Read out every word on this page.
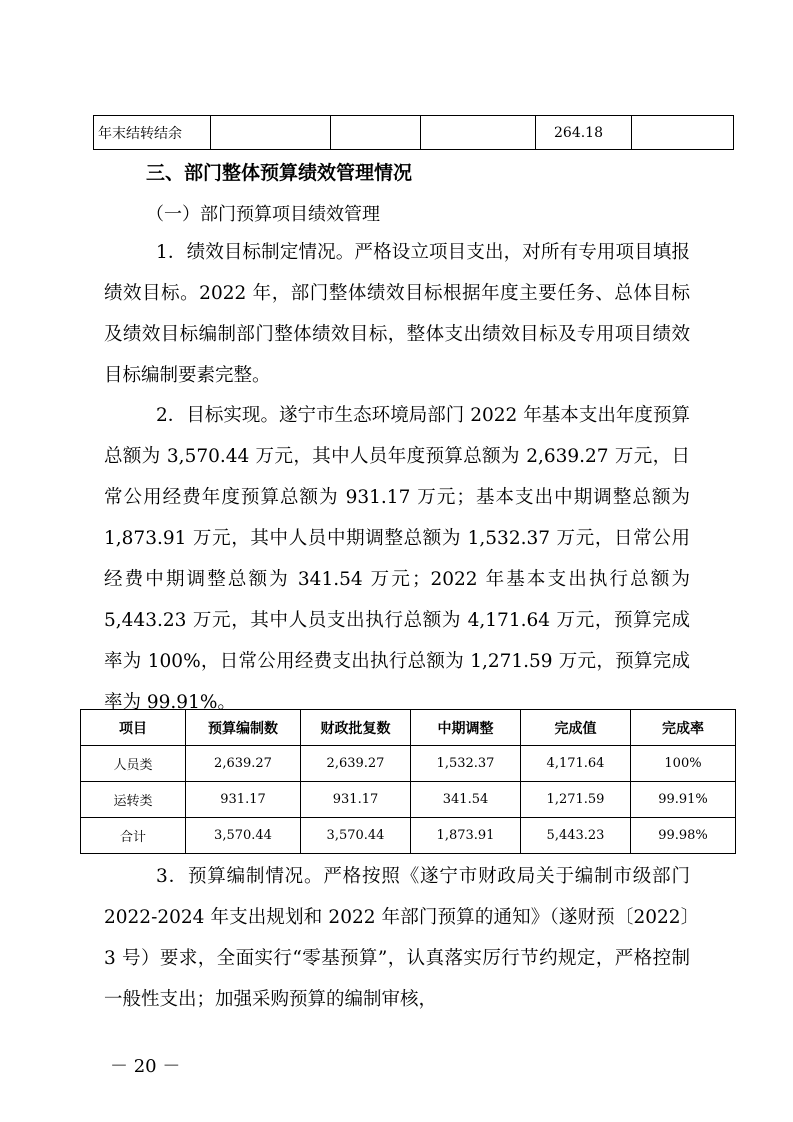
年末结转结余				264.18	
三、部门整体预算绩效管理情况
（一）部门预算项目绩效管理
1．绩效目标制定情况。严格设立项目支出，对所有专用项目填报绩效目标。2022 年，部门整体绩效目标根据年度主要任务、总体目标及绩效目标编制部门整体绩效目标，整体支出绩效目标及专用项目绩效目标编制要素完整。
2．目标实现。遂宁市生态环境局部门 2022 年基本支出年度预算总额为 3,570.44 万元，其中人员年度预算总额为 2,639.27 万元，日常公用经费年度预算总额为 931.17 万元；基本支出中期调整总额为 1,873.91 万元，其中人员中期调整总额为 1,532.37 万元，日常公用经费中期调整总额为 341.54 万元；2022 年基本支出执行总额为 5,443.23 万元，其中人员支出执行总额为 4,171.64 万元，预算完成率为 100%，日常公用经费支出执行总额为 1,271.59 万元，预算完成率为 99.91%。
项目	预算编制数	财政批复数	中期调整	完成值	完成率
人员类	2,639.27	2,639.27	1,532.37	4,171.64	100%
运转类	931.17	931.17	341.54	1,271.59	99.91%
合计	3,570.44	3,570.44	1,873.91	5,443.23	99.98%
3．预算编制情况。严格按照《遂宁市财政局关于编制市级部门 2022-2024 年支出规划和 2022 年部门预算的通知》（遂财预〔2022〕3 号）要求，全面实行“零基预算”，认真落实厉行节约规定，严格控制一般性支出；加强采购预算的编制审核，
－ 20 －
